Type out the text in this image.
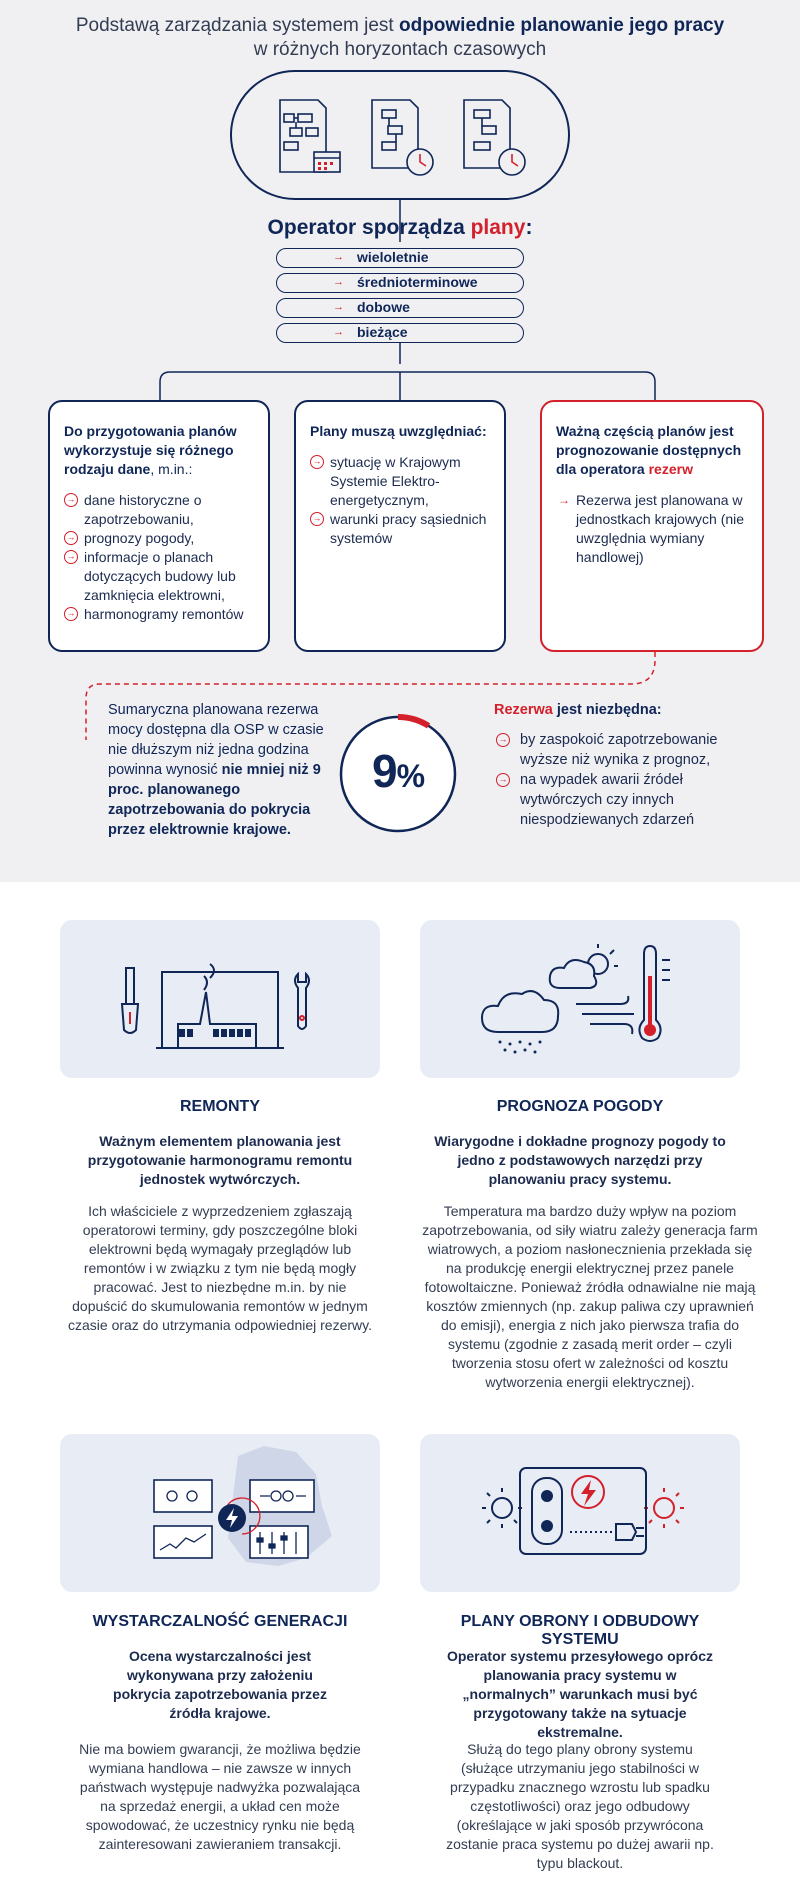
Podstawą zarządzania systemem jest odpowiednie planowanie jego pracy
w różnych horyzontach czasowych
Operator sporządza plany:
→ wieloletnie
→ średnioterminowe
→ dobowe
→ bieżące
Do przygotowania planów wykorzystuje się różnego rodzaju dane, m.in.:
→ dane historyczne o zapotrzebowaniu,
→ prognozy pogody,
→ informacje o planach dotyczących budowy lub zamknięcia elektrowni,
→ harmonogramy remontów
Plany muszą uwzględniać:
→ sytuację w Krajowym Systemie Elektro-energetycznym,
→ warunki pracy sąsiednich systemów
Ważną częścią planów jest prognozowanie dostępnych dla operatora rezerw
→ Rezerwa jest planowana w jednostkach krajowych (nie uwzględnia wymiany handlowej)
Sumaryczna planowana rezerwa mocy dostępna dla OSP w czasie nie dłuższym niż jedna godzina powinna wynosić nie mniej niż 9 proc. planowanego zapotrzebowania do pokrycia przez elektrownie krajowe.
9%
Rezerwa jest niezbędna:
→ by zaspokoić zapotrzebowanie wyższe niż wynika z prognoz,
→ na wypadek awarii źródeł wytwórczych czy innych niespodziewanych zdarzeń
REMONTY
Ważnym elementem planowania jest przygotowanie harmonogramu remontu jednostek wytwórczych.
Ich właściciele z wyprzedzeniem zgłaszają operatorowi terminy, gdy poszczególne bloki elektrowni będą wymagały przeglądów lub remontów i w związku z tym nie będą mogły pracować. Jest to niezbędne m.in. by nie dopuścić do skumulowania remontów w jednym czasie oraz do utrzymania odpowiedniej rezerwy.
PROGNOZA POGODY
Wiarygodne i dokładne prognozy pogody to jedno z podstawowych narzędzi przy planowaniu pracy systemu.
Temperatura ma bardzo duży wpływ na poziom zapotrzebowania, od siły wiatru zależy generacja farm wiatrowych, a poziom nasłonecznienia przekłada się na produkcję energii elektrycznej przez panele fotowoltaiczne. Ponieważ źródła odnawialne nie mają kosztów zmiennych (np. zakup paliwa czy uprawnień do emisji), energia z nich jako pierwsza trafia do systemu (zgodnie z zasadą merit order – czyli tworzenia stosu ofert w zależności od kosztu wytworzenia energii elektrycznej).
WYSTARCZALNOŚĆ GENERACJI
Ocena wystarczalności jest wykonywana przy założeniu pokrycia zapotrzebowania przez źródła krajowe.
Nie ma bowiem gwarancji, że możliwa będzie wymiana handlowa – nie zawsze w innych państwach występuje nadwyżka pozwalająca na sprzedaż energii, a układ cen może spowodować, że uczestnicy rynku nie będą zainteresowani zawieraniem transakcji.
PLANY OBRONY I ODBUDOWY SYSTEMU
Operator systemu przesyłowego oprócz planowania pracy systemu w „normalnych” warunkach musi być przygotowany także na sytuacje ekstremalne.
Służą do tego plany obrony systemu (służące utrzymaniu jego stabilności w przypadku znacznego wzrostu lub spadku częstotliwości) oraz jego odbudowy (określające w jaki sposób przywrócona zostanie praca systemu po dużej awarii np. typu blackout.
